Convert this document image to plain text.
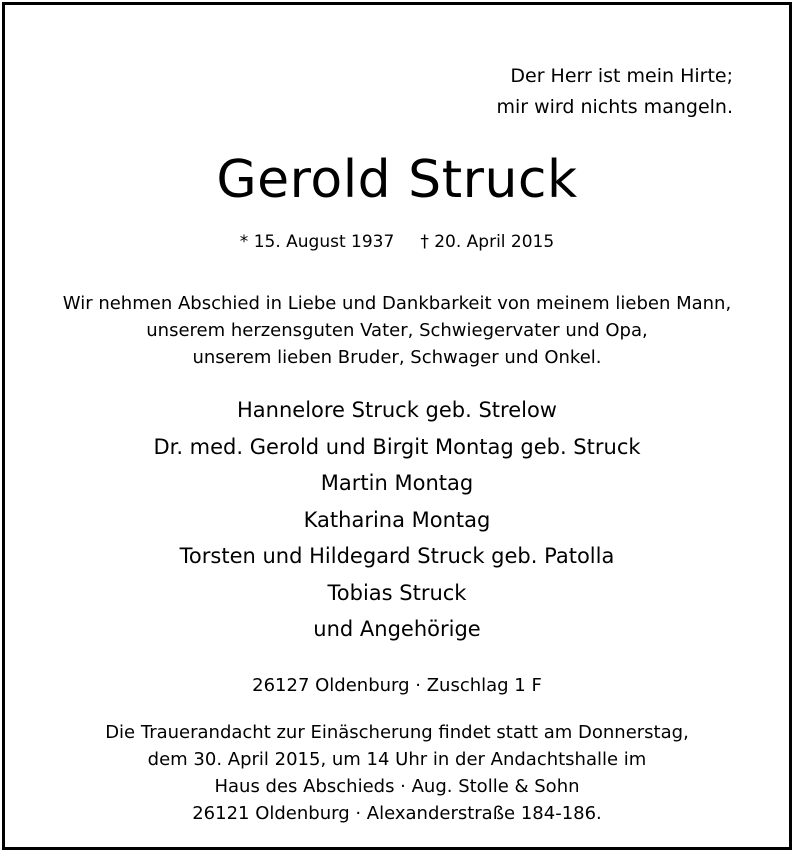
Der Herr ist mein Hirte;
mir wird nichts mangeln.
Gerold Struck
* 15. August 1937 † 20. April 2015
Wir nehmen Abschied in Liebe und Dankbarkeit von meinem lieben Mann,
unserem herzensguten Vater, Schwiegervater und Opa,
unserem lieben Bruder, Schwager und Onkel.
Hannelore Struck geb. Strelow
Dr. med. Gerold und Birgit Montag geb. Struck
Martin Montag
Katharina Montag
Torsten und Hildegard Struck geb. Patolla
Tobias Struck
und Angehörige
26127 Oldenburg · Zuschlag 1 F
Die Trauerandacht zur Einäscherung findet statt am Donnerstag,
dem 30. April 2015, um 14 Uhr in der Andachtshalle im
Haus des Abschieds · Aug. Stolle & Sohn
26121 Oldenburg · Alexanderstraße 184-186.
